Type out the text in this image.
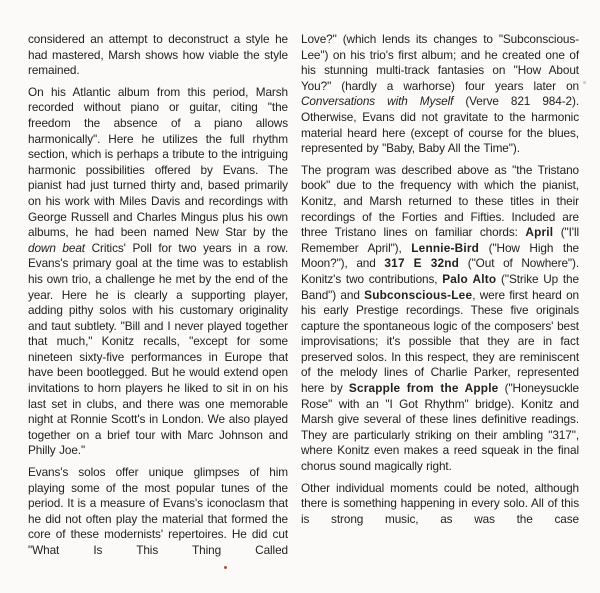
considered an attempt to deconstruct a style he had mastered, Marsh shows how viable the style remained.

On his Atlantic album from this period, Marsh recorded without piano or guitar, citing "the freedom the absence of a piano allows harmonically". Here he utilizes the full rhythm section, which is perhaps a tribute to the intriguing harmonic possibilities offered by Evans. The pianist had just turned thirty and, based primarily on his work with Miles Davis and recordings with George Russell and Charles Mingus plus his own albums, he had been named New Star by the down beat Critics' Poll for two years in a row. Evans's primary goal at the time was to establish his own trio, a challenge he met by the end of the year. Here he is clearly a supporting player, adding pithy solos with his customary originality and taut subtlety. "Bill and I never played together that much," Konitz recalls, "except for some nineteen sixty-five performances in Europe that have been bootlegged. But he would extend open invitations to horn players he liked to sit in on his last set in clubs, and there was one memorable night at Ronnie Scott's in London. We also played together on a brief tour with Marc Johnson and Philly Joe."

Evans's solos offer unique glimpses of him playing some of the most popular tunes of the period. It is a measure of Evans's iconoclasm that he did not often play the material that formed the core of these modernists' repertoires. He did cut "What Is This Thing Called

Love?" (which lends its changes to "Subconscious-Lee") on his trio's first album; and he created one of his stunning multi-track fantasies on "How About You?" (hardly a warhorse) four years later on Conversations with Myself (Verve 821 984-2). Otherwise, Evans did not gravitate to the harmonic material heard here (except of course for the blues, represented by "Baby, Baby All the Time").

The program was described above as "the Tristano book" due to the frequency with which the pianist, Konitz, and Marsh returned to these titles in their recordings of the Forties and Fifties. Included are three Tristano lines on familiar chords: April ("I'll Remember April"), Lennie-Bird ("How High the Moon?"), and 317 E 32nd ("Out of Nowhere"). Konitz's two contributions, Palo Alto ("Strike Up the Band") and Subconscious-Lee, were first heard on his early Prestige recordings. These five originals capture the spontaneous logic of the composers' best improvisations; it's possible that they are in fact preserved solos. In this respect, they are reminiscent of the melody lines of Charlie Parker, represented here by Scrapple from the Apple ("Honeysuckle Rose" with an "I Got Rhythm" bridge). Konitz and Marsh give several of these lines definitive readings. They are particularly striking on their ambling "317", where Konitz even makes a reed squeak in the final chorus sound magically right.

Other individual moments could be noted, although there is something happening in every solo. All of this is strong music, as was the case
